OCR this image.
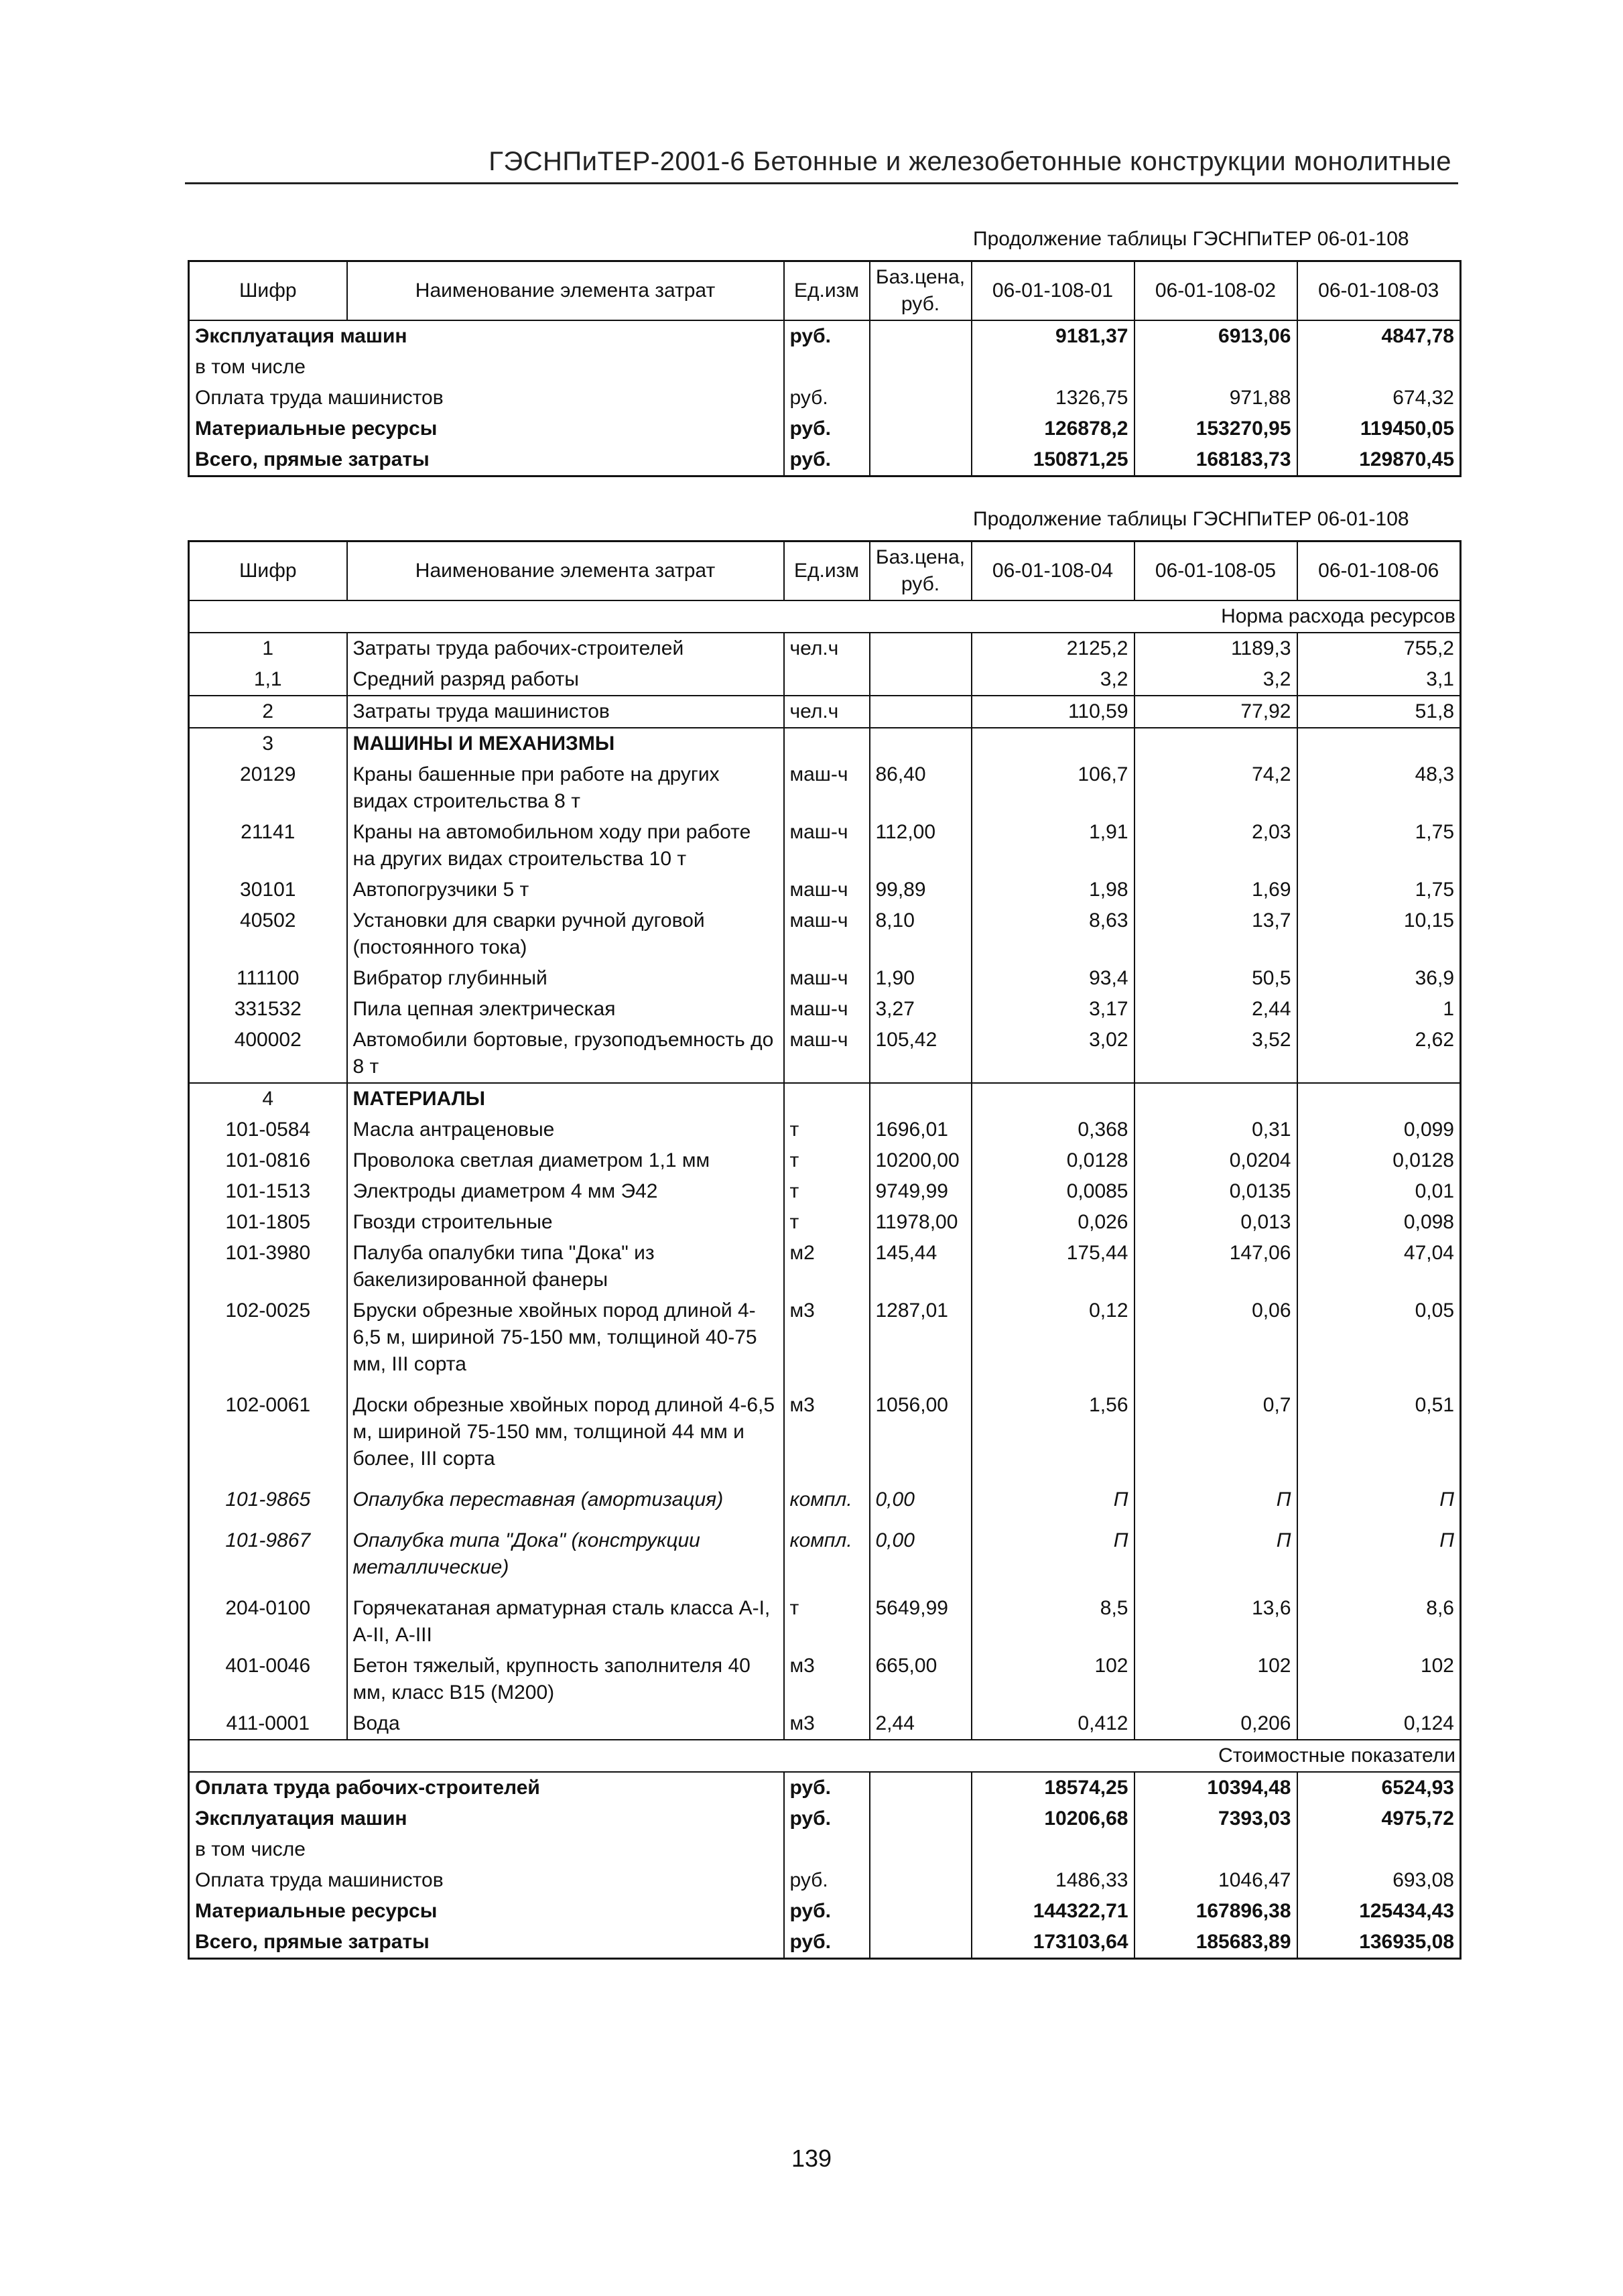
ГЭСНПиТЕР-2001-6 Бетонные и железобетонные конструкции монолитные
Продолжение таблицы ГЭСНПиТЕР 06-01-108
Шифр	Наименование элемента затрат	Ед.изм	Баз.цена, руб.	06-01-108-01	06-01-108-02	06-01-108-03
Эксплуатация машин		руб.		9181,37	6913,06	4847,78
в том числе						
Оплата труда машинистов		руб.		1326,75	971,88	674,32
Материальные ресурсы		руб.		126878,2	153270,95	119450,05
Всего, прямые затраты		руб.		150871,25	168183,73	129870,45
Продолжение таблицы ГЭСНПиТЕР 06-01-108
Шифр	Наименование элемента затрат	Ед.изм	Баз.цена, руб.	06-01-108-04	06-01-108-05	06-01-108-06
Норма расхода ресурсов						
1	Затраты труда рабочих-строителей	чел.ч		2125,2	1189,3	755,2
1,1	Средний разряд работы			3,2	3,2	3,1
2	Затраты труда машинистов	чел.ч		110,59	77,92	51,8
3	МАШИНЫ И МЕХАНИЗМЫ					
20129	Краны башенные при работе на других видах строительства 8 т	маш-ч	86,40	106,7	74,2	48,3
21141	Краны на автомобильном ходу при работе на других видах строительства 10 т	маш-ч	112,00	1,91	2,03	1,75
30101	Автопогрузчики 5 т	маш-ч	99,89	1,98	1,69	1,75
40502	Установки для сварки ручной дуговой (постоянного тока)	маш-ч	8,10	8,63	13,7	10,15
111100	Вибратор глубинный	маш-ч	1,90	93,4	50,5	36,9
331532	Пила цепная электрическая	маш-ч	3,27	3,17	2,44	1
400002	Автомобили бортовые, грузоподъемность до 8 т	маш-ч	105,42	3,02	3,52	2,62
4	МАТЕРИАЛЫ					
101-0584	Масла антраценовые	т	1696,01	0,368	0,31	0,099
101-0816	Проволока светлая диаметром 1,1 мм	т	10200,00	0,0128	0,0204	0,0128
101-1513	Электроды диаметром 4 мм Э42	т	9749,99	0,0085	0,0135	0,01
101-1805	Гвозди строительные	т	11978,00	0,026	0,013	0,098
101-3980	Палуба опалубки типа "Дока" из бакелизированной фанеры	м2	145,44	175,44	147,06	47,04
102-0025	Бруски обрезные хвойных пород длиной 4-6,5 м, шириной 75-150 мм, толщиной 40-75 мм, III сорта	м3	1287,01	0,12	0,06	0,05
102-0061	Доски обрезные хвойных пород длиной 4-6,5 м, шириной 75-150 мм, толщиной 44 мм и более, III сорта	м3	1056,00	1,56	0,7	0,51
101-9865	Опалубка переставная (амортизация)	компл.	0,00	П	П	П
101-9867	Опалубка типа "Дока" (конструкции металлические)	компл.	0,00	П	П	П
204-0100	Горячекатаная арматурная сталь класса А-I, А-II, А-III	т	5649,99	8,5	13,6	8,6
401-0046	Бетон тяжелый, крупность заполнителя 40 мм, класс В15 (М200)	м3	665,00	102	102	102
411-0001	Вода	м3	2,44	0,412	0,206	0,124
Стоимостные показатели						
Оплата труда рабочих-строителей		руб.		18574,25	10394,48	6524,93
Эксплуатация машин		руб.		10206,68	7393,03	4975,72
в том числе						
Оплата труда машинистов		руб.		1486,33	1046,47	693,08
Материальные ресурсы		руб.		144322,71	167896,38	125434,43
Всего, прямые затраты		руб.		173103,64	185683,89	136935,08
139
